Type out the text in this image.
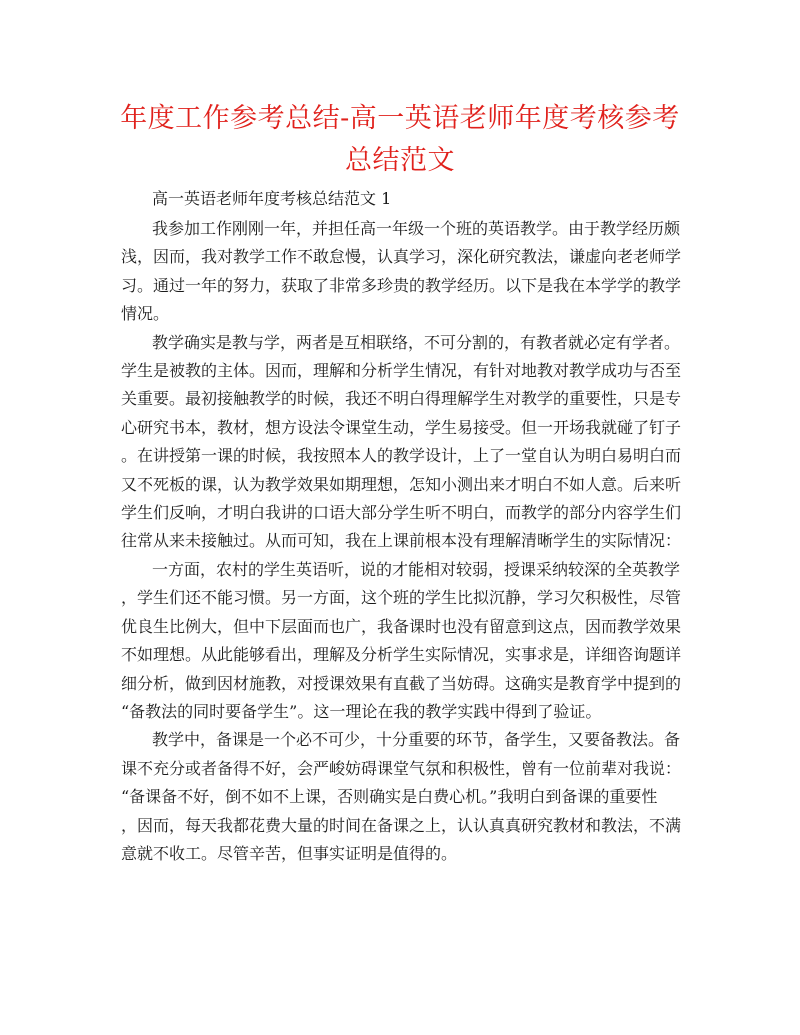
年度工作参考总结-高一英语老师年度考核参考
总结范文
高一英语老师年度考核总结范文 1

我参加工作刚刚一年，并担任高一年级一个班的英语教学。由于教学经历颇
浅，因而，我对教学工作不敢怠慢，认真学习，深化研究教法，谦虚向老老师学
习。通过一年的努力，获取了非常多珍贵的教学经历。以下是我在本学学的教学
情况。

教学确实是教与学，两者是互相联络，不可分割的，有教者就必定有学者。
学生是被教的主体。因而，理解和分析学生情况，有针对地教对教学成功与否至
关重要。最初接触教学的时候，我还不明白得理解学生对教学的重要性，只是专
心研究书本，教材，想方设法令课堂生动，学生易接受。但一开场我就碰了钉子
。在讲授第一课的时候，我按照本人的教学设计，上了一堂自认为明白易明白而
又不死板的课，认为教学效果如期理想，怎知小测出来才明白不如人意。后来听
学生们反响，才明白我讲的口语大部分学生听不明白，而教学的部分内容学生们
往常从来未接触过。从而可知，我在上课前根本没有理解清晰学生的实际情况：

一方面，农村的学生英语听，说的才能相对较弱，授课采纳较深的全英教学
，学生们还不能习惯。另一方面，这个班的学生比拟沉静，学习欠积极性，尽管
优良生比例大，但中下层面而也广，我备课时也没有留意到这点，因而教学效果
不如理想。从此能够看出，理解及分析学生实际情况，实事求是，详细咨询题详
细分析，做到因材施教，对授课效果有直截了当妨碍。这确实是教育学中提到的
“备教法的同时要备学生”。这一理论在我的教学实践中得到了验证。

教学中，备课是一个必不可少，十分重要的环节，备学生，又要备教法。备
课不充分或者备得不好，会严峻妨碍课堂气氛和积极性，曾有一位前辈对我说：
“备课备不好，倒不如不上课，否则确实是白费心机。”我明白到备课的重要性
，因而，每天我都花费大量的时间在备课之上，认认真真研究教材和教法，不满
意就不收工。尽管辛苦，但事实证明是值得的。
